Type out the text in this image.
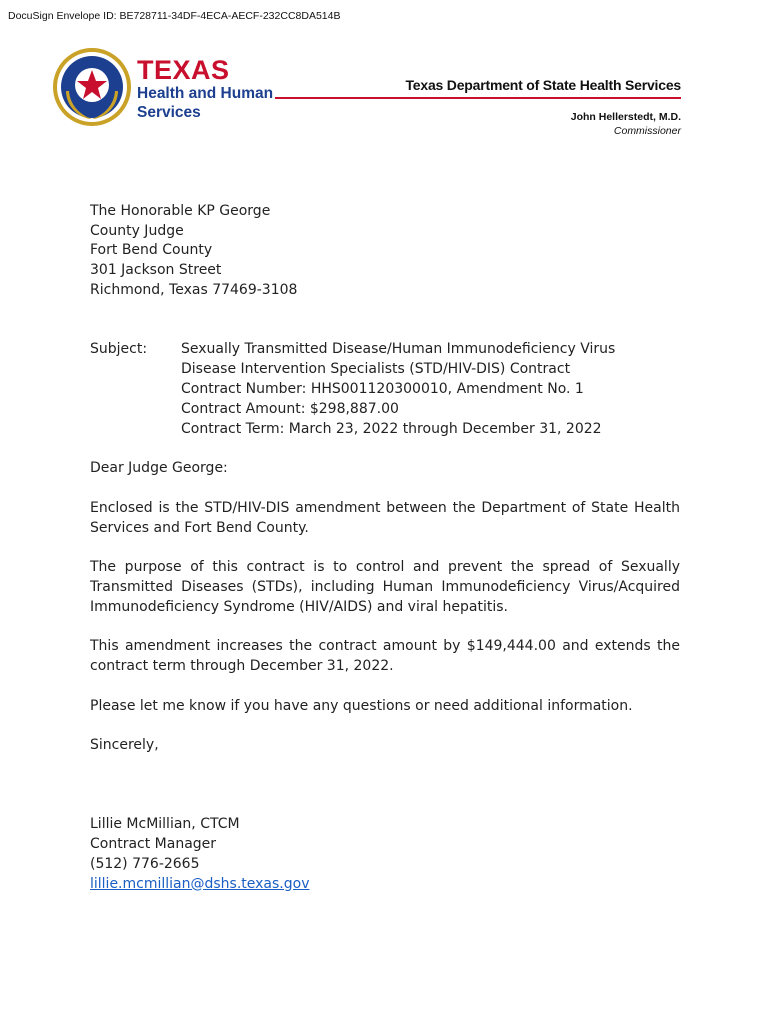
DocuSign Envelope ID: BE728711-34DF-4ECA-AECF-232CC8DA514B
TEXAS
Health and Human
Services
Texas Department of State Health Services
John Hellerstedt, M.D.
Commissioner

The Honorable KP George
County Judge
Fort Bend County
301 Jackson Street
Richmond, Texas 77469-3108

Subject:	Sexually Transmitted Disease/Human Immunodeficiency Virus
Disease Intervention Specialists (STD/HIV-DIS) Contract
Contract Number: HHS001120300010, Amendment No. 1
Contract Amount: $298,887.00
Contract Term: March 23, 2022 through December 31, 2022

Dear Judge George:

Enclosed is the STD/HIV-DIS amendment between the Department of State Health Services and Fort Bend County.

The purpose of this contract is to control and prevent the spread of Sexually Transmitted Diseases (STDs), including Human Immunodeficiency Virus/Acquired Immunodeficiency Syndrome (HIV/AIDS) and viral hepatitis.

This amendment increases the contract amount by $149,444.00 and extends the contract term through December 31, 2022.

Please let me know if you have any questions or need additional information.

Sincerely,

Lillie McMillian, CTCM
Contract Manager
(512) 776-2665
lillie.mcmillian@dshs.texas.gov
